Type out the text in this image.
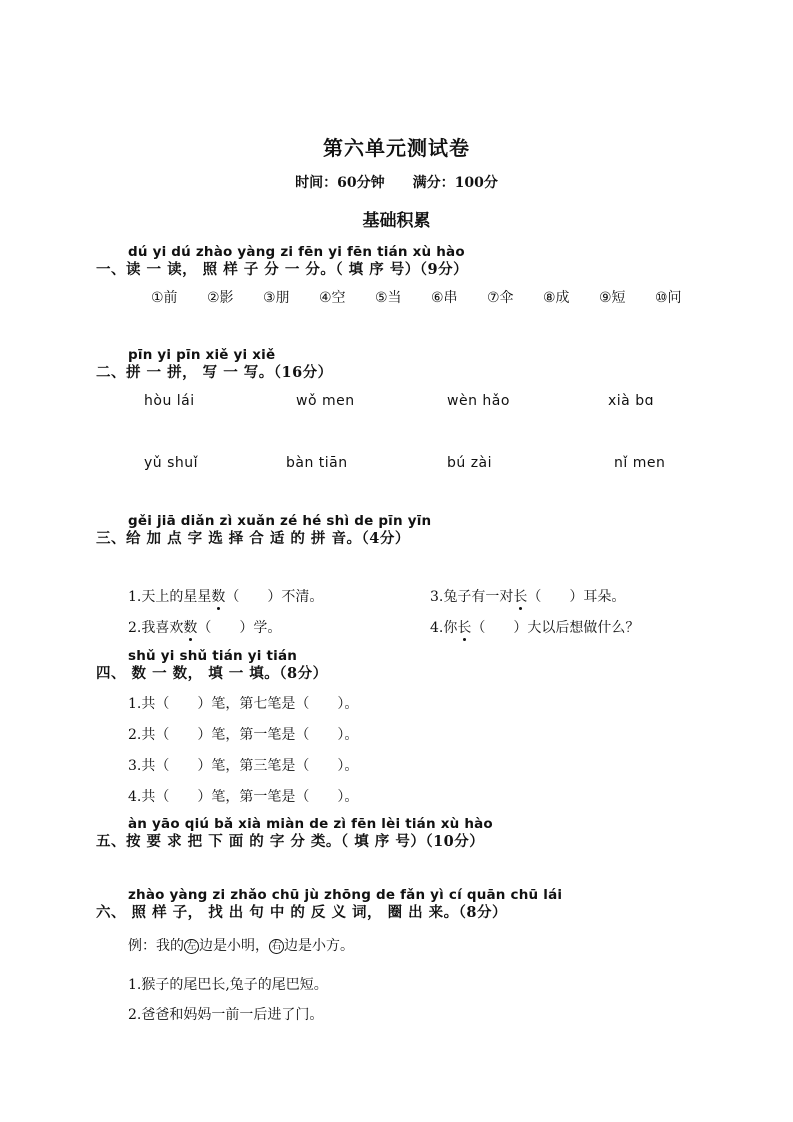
第六单元测试卷
时间：60分钟　　满分：100分
基础积累
dú yi dú zhào yàng zi fēn yi fēn tián xù hào
一、读 一 读， 照 样 子 分 一 分。（ 填 序 号）（9分）
①前 ②影 ③朋 ④空 ⑤当 ⑥串 ⑦伞 ⑧成 ⑨短 ⑩问
pīn yi pīn xiě yi xiě
二、拼 一 拼， 写 一 写。（16分）
hòu lái	wǒ men	wèn hǎo	xià bɑ
yǔ shuǐ	bàn tiān	bú zài	nǐ men
gěi jiā diǎn zì xuǎn zé hé shì de pīn yīn
三、给 加 点 字 选 择 合 适 的 拼 音。（4分）
1.天上的星星数（　　）不清。	3.兔子有一对长（　　）耳朵。
2.我喜欢数（　　）学。	4.你长（　　）大以后想做什么？
shǔ yi shǔ tián yi tián
四、 数 一 数， 填 一 填。（8分）
1.共（　　）笔，第七笔是（　　）。
2.共（　　）笔，第一笔是（　　）。
3.共（　　）笔，第三笔是（　　）。
4.共（　　）笔，第一笔是（　　）。
àn yāo qiú bǎ xià miàn de zì fēn lèi tián xù hào
五、按 要 求 把 下 面 的 字 分 类。（ 填 序 号）（10分）
zhào yàng zi zhǎo chū jù zhōng de fǎn yì cí quān chū lái
六、 照 样 子， 找 出 句 中 的 反 义 词， 圈 出 来。（8分）
例：我的 左 边是小明， 右 边是小方。
1.猴子的尾巴长,兔子的尾巴短。
2.爸爸和妈妈一前一后进了门。
